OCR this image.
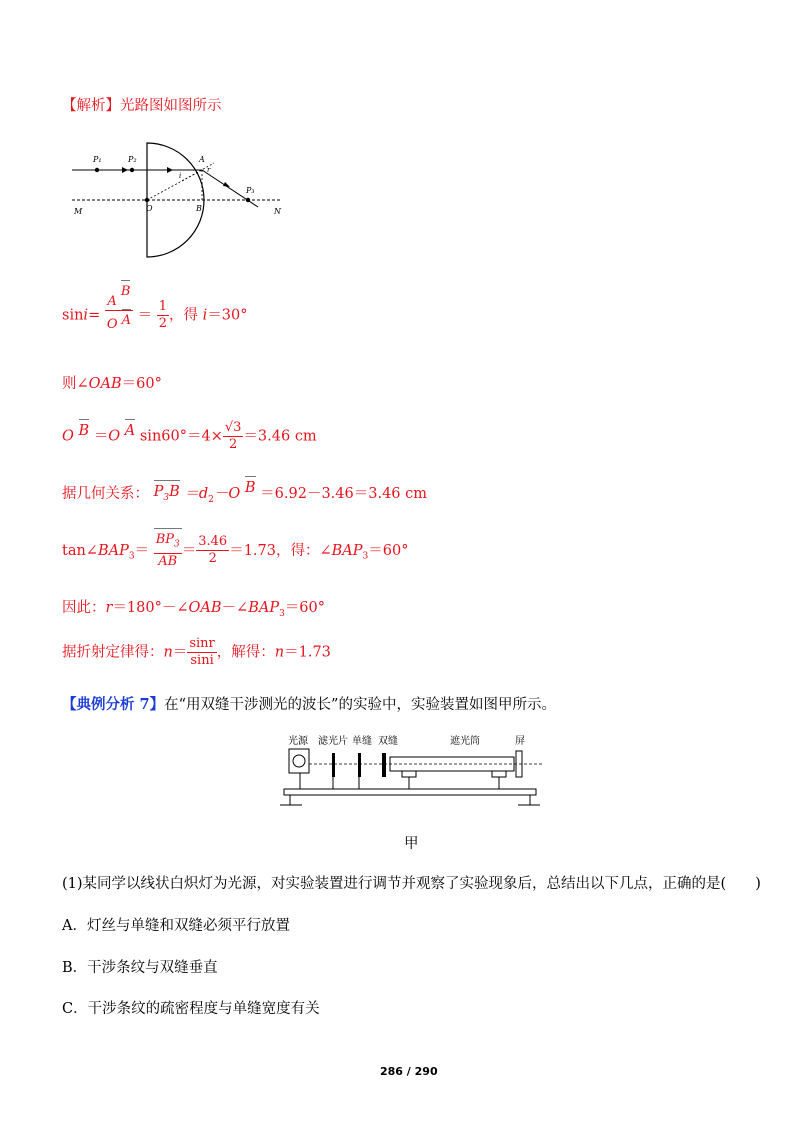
【解析】光路图如图所示
P₁	P₂	A
r
i
O	B
P₃
M	N
$\sin i= \frac{\text{A B}}{\text{O A}} = \frac{1}{2}$ ，得 i＝30°
则∠OAB＝60°
O B ＝O A $\sin 60^\circ=4\times \frac{√3}{2} =3.46$ cm
据几何关系： $P_3B =d_2-O$ B ＝6.92－3.46＝3.46 cm
$\tan\angle BAP_3= \frac{BP_3}{AB} = \frac{3.46}{2} =1.73$，得：$\angle BAP_3=60^\circ$
因此：$r=180^\circ-\angle OAB-\angle BAP_3=60^\circ$
据折射定律得：$n= \frac{\sin r}{\sin i}$ ，解得：n＝1.73
【典例分析 7】在“用双缝干涉测光的波长”的实验中，实验装置如图甲所示。
光源 滤光片 单缝 双缝	遮光筒	屏
甲
(1)某同学以线状白炽灯为光源，对实验装置进行调节并观察了实验现象后，总结出以下几点，正确的是(　　)
A．灯丝与单缝和双缝必须平行放置
B．干涉条纹与双缝垂直
C．干涉条纹的疏密程度与单缝宽度有关
286 / 290
